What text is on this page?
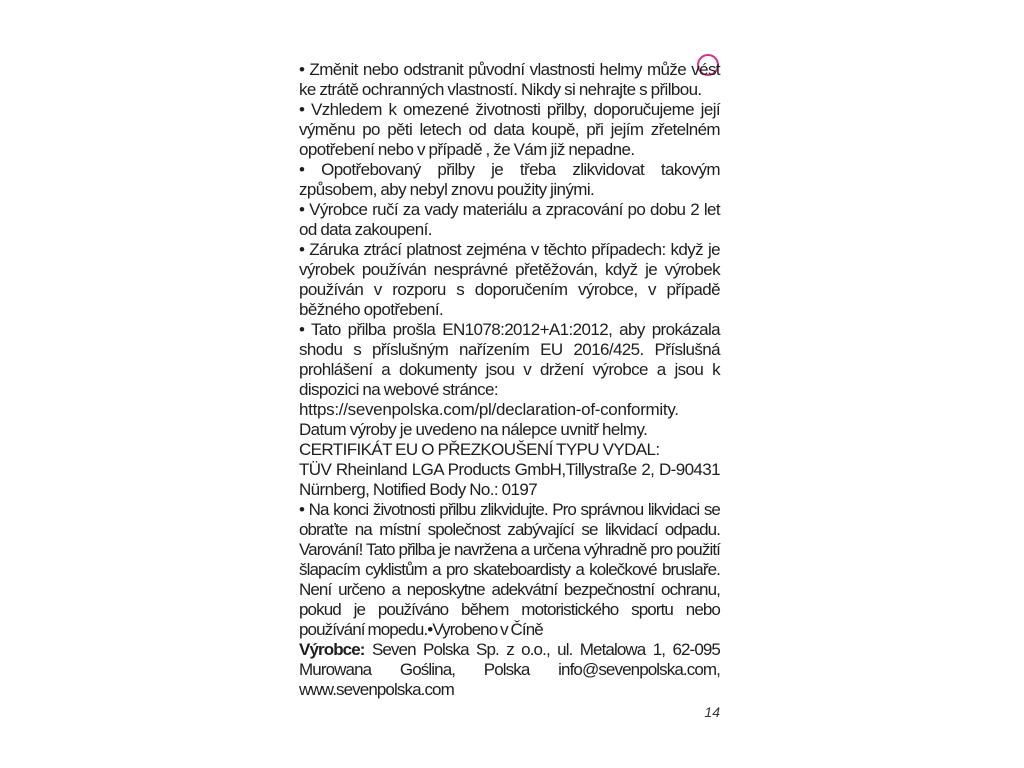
• Změnit nebo odstranit původní vlastnosti helmy může vést ke ztrátě ochranných vlastností. Nikdy si nehrajte s přilbou.

• Vzhledem k omezené životnosti přilby, doporučujeme její výměnu po pěti letech od data koupě, při jejím zřetelném opotřebení nebo v případě , že Vám již nepadne.

• Opotřebovaný přilby je třeba zlikvidovat takovým způsobem, aby nebyl znovu použity jinými.

• Výrobce ručí za vady materiálu a zpracování po dobu 2 let od data zakoupení.

• Záruka ztrácí platnost zejména v těchto případech: když je výrobek používán nesprávné přetěžován, když je výrobek používán v rozporu s doporučením výrobce, v případě běžného opotřebení.

• Tato přilba prošla EN1078:2012+A1:2012, aby prokázala shodu s příslušným nařízením EU 2016/425. Příslušná prohlášení a dokumenty jsou v držení výrobce a jsou k dispozici na webové stránce:

https://sevenpolska.com/pl/declaration-of-conformity.

Datum výroby je uvedeno na nálepce uvnitř helmy.

CERTIFIKÁT EU O PŘEZKOUŠENÍ TYPU VYDAL:

TÜV Rheinland LGA Products GmbH,Tillystraße 2, D-90431 Nürnberg, Notified Body No.: 0197

• Na konci životnosti přilbu zlikvidujte. Pro správnou likvidaci se obraťte na místní společnost zabývající se likvidací odpadu. Varování! Tato přilba je navržena a určena výhradně pro použití šlapacím cyklistům a pro skateboardisty a kolečkové bruslaře. Není určeno a neposkytne adekvátní bezpečnostní ochranu, pokud je používáno během motoristického sportu nebo používání mopedu.•Vyrobeno v Číně

Výrobce: Seven Polska Sp. z o.o., ul. Metalowa 1, 62-095 Murowana Goślina, Polska info@sevenpolska.com, www.sevenpolska.com

14
